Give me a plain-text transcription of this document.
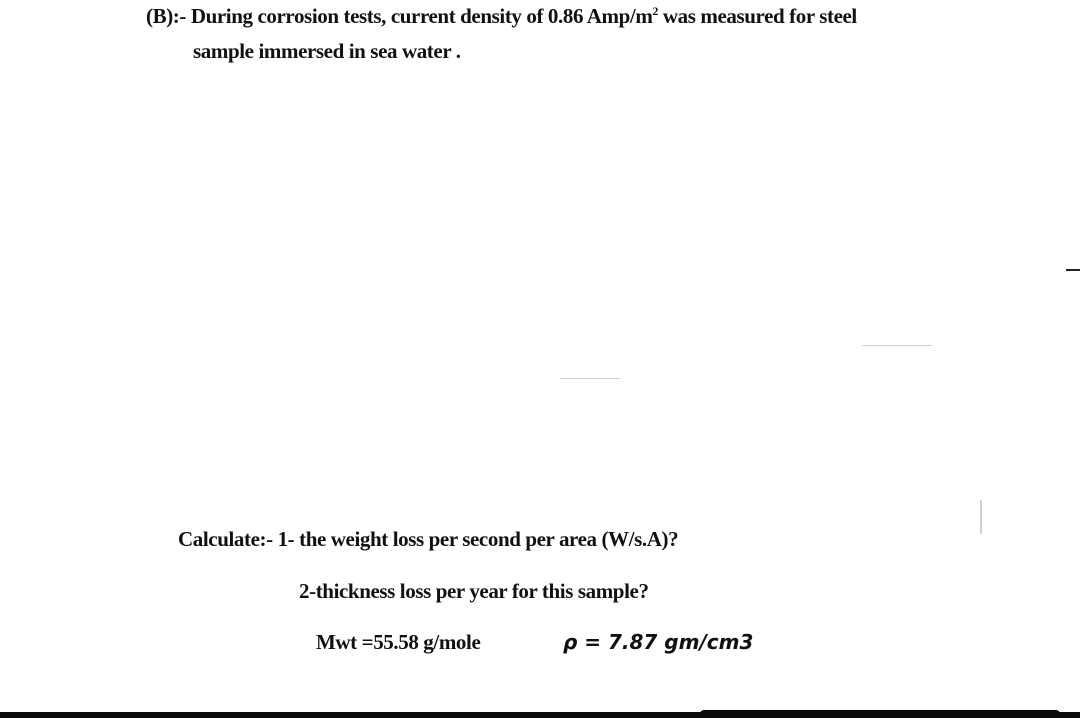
(B):- During corrosion tests, current density of 0.86 Amp/$m^2$ was measured for steel
sample immersed in sea water .
Calculate:- 1- the weight loss per second per area (W/s.A)?
2-thickness loss per year for this sample?
Mwt =55.58 g/mole	ρ = 7.87 gm/cm3
